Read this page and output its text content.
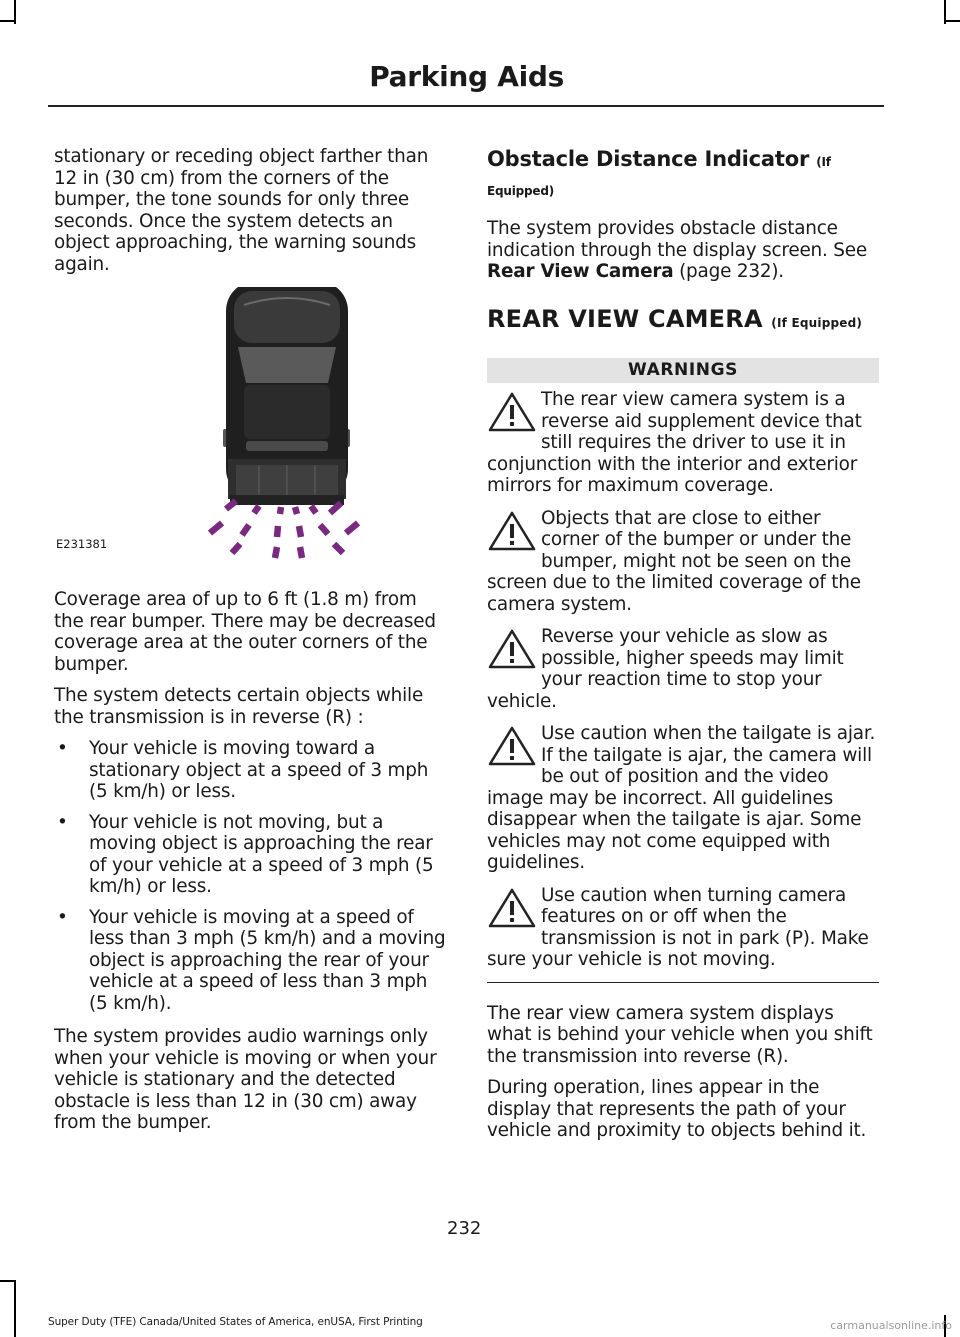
Parking Aids

stationary or receding object farther than 12 in (30 cm) from the corners of the bumper, the tone sounds for only three seconds. Once the system detects an object approaching, the warning sounds again.

E231381

Coverage area of up to 6 ft (1.8 m) from the rear bumper. There may be decreased coverage area at the outer corners of the bumper.

The system detects certain objects while the transmission is in reverse (R) :

• Your vehicle is moving toward a stationary object at a speed of 3 mph (5 km/h) or less.
• Your vehicle is not moving, but a moving object is approaching the rear of your vehicle at a speed of 3 mph (5 km/h) or less.
• Your vehicle is moving at a speed of less than 3 mph (5 km/h) and a moving object is approaching the rear of your vehicle at a speed of less than 3 mph (5 km/h).

The system provides audio warnings only when your vehicle is moving or when your vehicle is stationary and the detected obstacle is less than 12 in (30 cm) away from the bumper.

Obstacle Distance Indicator (If Equipped)

The system provides obstacle distance indication through the display screen. See Rear View Camera (page 232).

REAR VIEW CAMERA (If Equipped)
WARNINGS

The rear view camera system is a reverse aid supplement device that still requires the driver to use it in conjunction with the interior and exterior mirrors for maximum coverage.

Objects that are close to either corner of the bumper or under the bumper, might not be seen on the screen due to the limited coverage of the camera system.

Reverse your vehicle as slow as possible, higher speeds may limit your reaction time to stop your vehicle.

Use caution when the tailgate is ajar. If the tailgate is ajar, the camera will be out of position and the video image may be incorrect. All guidelines disappear when the tailgate is ajar. Some vehicles may not come equipped with guidelines.

Use caution when turning camera features on or off when the transmission is not in park (P). Make sure your vehicle is not moving.

The rear view camera system displays what is behind your vehicle when you shift the transmission into reverse (R).

During operation, lines appear in the display that represents the path of your vehicle and proximity to objects behind it.

232
Super Duty (TFE) Canada/United States of America, enUSA, First Printing	carmanualsonline.info
